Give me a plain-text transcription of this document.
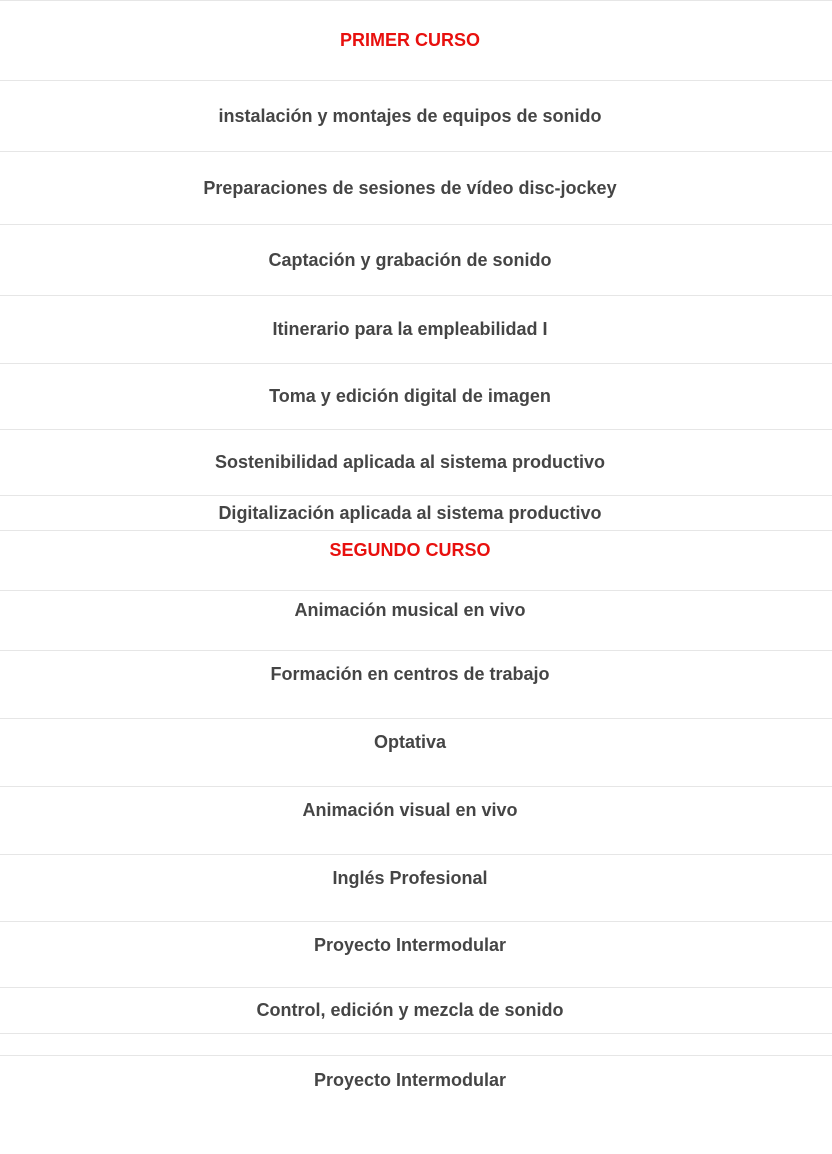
PRIMER CURSO
instalación y montajes de equipos de sonido
Preparaciones de sesiones de vídeo disc-jockey
Captación y grabación de sonido
Itinerario para la empleabilidad I
Toma y edición digital de imagen
Sostenibilidad aplicada al sistema productivo
Digitalización aplicada al sistema productivo
SEGUNDO CURSO
Animación musical en vivo
Formación en centros de trabajo
Optativa
Animación visual en vivo
Inglés Profesional
Proyecto Intermodular
Control, edición y mezcla de sonido
Proyecto Intermodular
